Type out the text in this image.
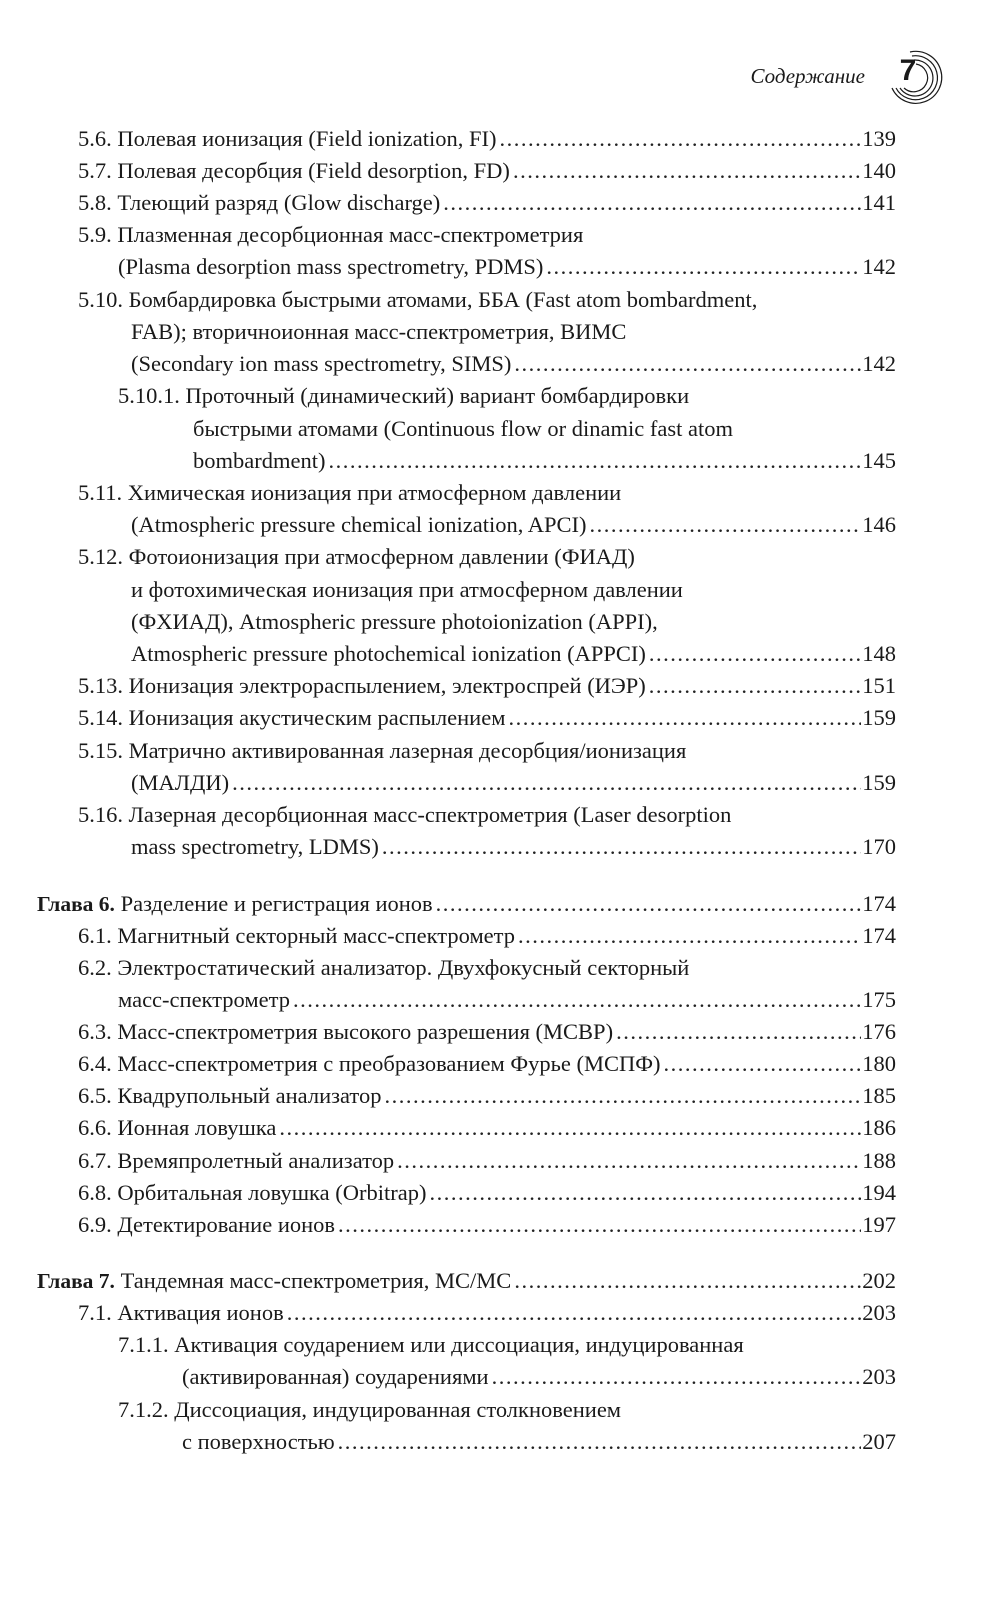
Содержание	7
5.6. Полевая ионизация (Field ionization, FI) .....	139
5.7. Полевая десорбция (Field desorption, FD) .....	140
5.8. Тлеющий разряд (Glow discharge) .....	141
5.9. Плазменная десорбционная масс-спектрометрия
(Plasma desorption mass spectrometry, PDMS) .....	142
5.10. Бомбардировка быстрыми атомами, ББА (Fast atom bombardment,
FAB); вторичноионная масс-спектрометрия, ВИМС
(Secondary ion mass spectrometry, SIMS) .....	142
5.10.1. Проточный (динамический) вариант бомбардировки
быстрыми атомами (Continuous flow or dinamic fast atom
bombardment) .....	145
5.11. Химическая ионизация при атмосферном давлении
(Atmospheric pressure chemical ionization, APCI) .....	146
5.12. Фотоионизация при атмосферном давлении (ФИАД)
и фотохимическая ионизация при атмосферном давлении
(ФХИАД), Atmospheric pressure photoionization (APPI),
Atmospheric pressure photochemical ionization (APPCI) .....	148
5.13. Ионизация электрораспылением, электроспрей (ИЭР) .....	151
5.14. Ионизация акустическим распылением .....	159
5.15. Матрично активированная лазерная десорбция/ионизация
(МАЛДИ) .....	159
5.16. Лазерная десорбционная масс-спектрометрия (Laser desorption
mass spectrometry, LDMS) .....	170
Глава 6. Разделение и регистрация ионов .....	174
6.1. Магнитный секторный масс-спектрометр .....	174
6.2. Электростатический анализатор. Двухфокусный секторный
масс-спектрометр .....	175
6.3. Масс-спектрометрия высокого разрешения (МСВР) .....	176
6.4. Масс-спектрометрия с преобразованием Фурье (МСПФ) .....	180
6.5. Квадрупольный анализатор .....	185
6.6. Ионная ловушка .....	186
6.7. Времяпролетный анализатор .....	188
6.8. Орбитальная ловушка (Orbitrap) .....	194
6.9. Детектирование ионов .....	197
Глава 7. Тандемная масс-спектрометрия, МС/МС .....	202
7.1. Активация ионов .....	203
7.1.1. Активация соударением или диссоциация, индуцированная
(активированная) соударениями .....	203
7.1.2. Диссоциация, индуцированная столкновением
с поверхностью .....	207
